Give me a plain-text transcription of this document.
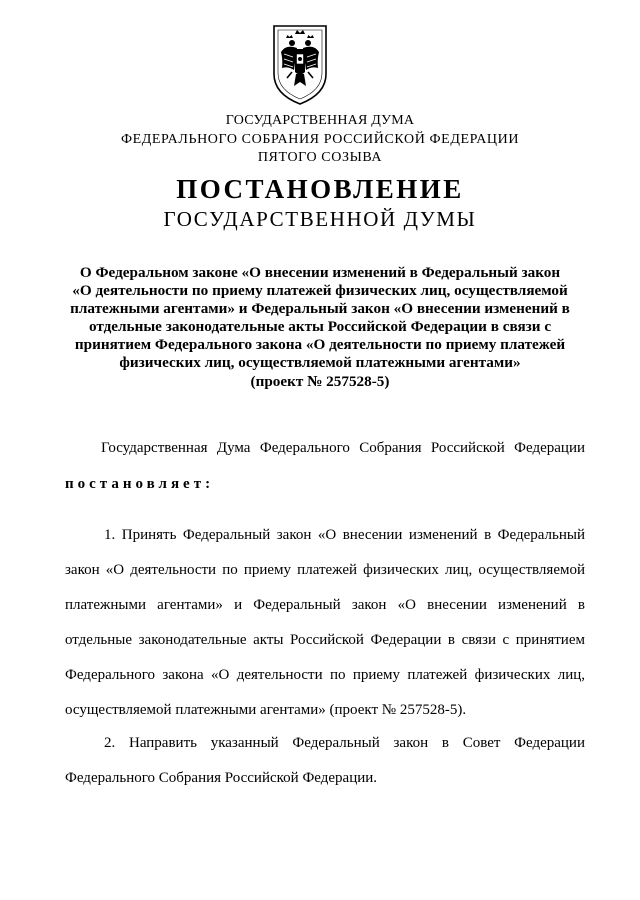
ГОСУДАРСТВЕННАЯ ДУМА
ФЕДЕРАЛЬНОГО СОБРАНИЯ РОССИЙСКОЙ ФЕДЕРАЦИИ
ПЯТОГО СОЗЫВА
ПОСТАНОВЛЕНИЕ
ГОСУДАРСТВЕННОЙ ДУМЫ
О Федеральном законе «О внесении изменений в Федеральный закон
«О деятельности по приему платежей физических лиц, осуществляемой
платежными агентами» и Федеральный закон «О внесении изменений в
отдельные законодательные акты Российской Федерации в связи с
принятием Федерального закона «О деятельности по приему платежей
физических лиц, осуществляемой платежными агентами»
(проект № 257528-5)
Государственная Дума Федерального Собрания Российской Федерации
постановляет:
1. Принять Федеральный закон «О внесении изменений в Федеральный
закон «О деятельности по приему платежей физических лиц, осуществляемой
платежными агентами» и Федеральный закон «О внесении изменений в
отдельные законодательные акты Российской Федерации в связи с принятием
Федерального закона «О деятельности по приему платежей физических лиц,
осуществляемой платежными агентами» (проект № 257528-5).
2. Направить указанный Федеральный закон в Совет Федерации
Федерального Собрания Российской Федерации.
